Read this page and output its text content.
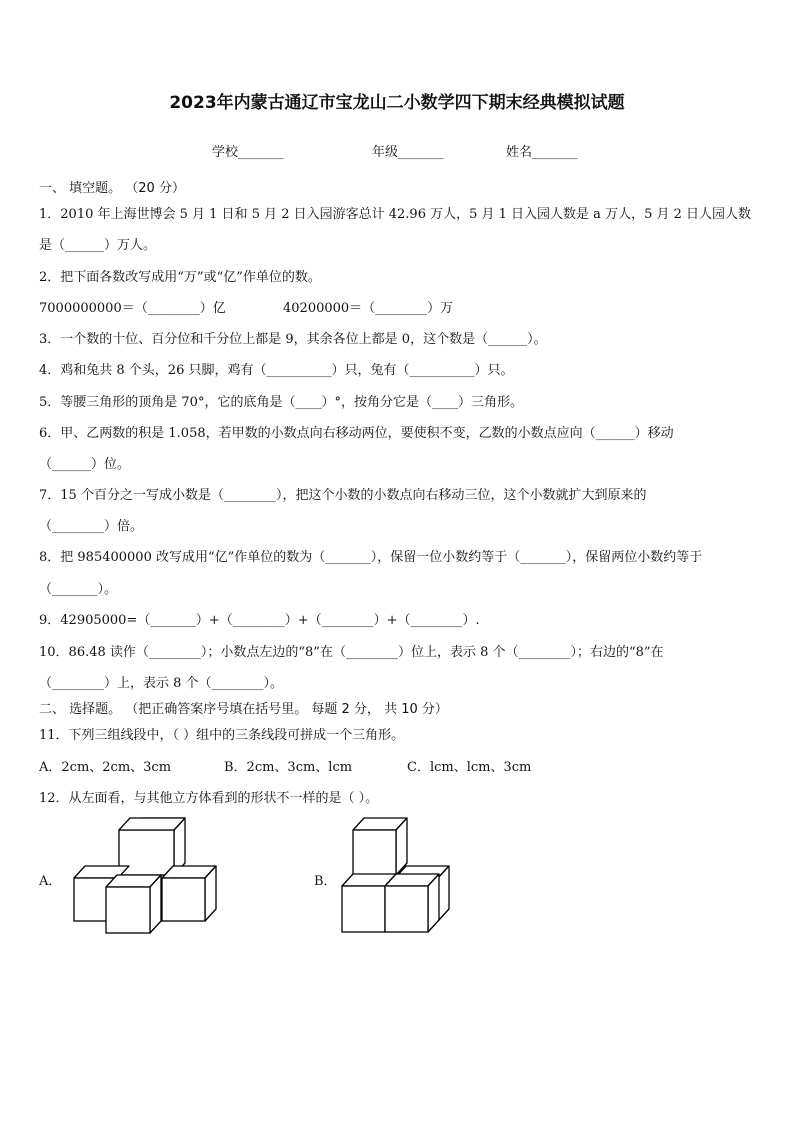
2023年内蒙古通辽市宝龙山二小数学四下期末经典模拟试题
学校_______	年级_______	姓名_______
一、 填空题。 （20 分）
1．2010 年上海世博会 5 月 1 日和 5 月 2 日入园游客总计 42.96 万人，5 月 1 日入园人数是 a 万人，5 月 2 日人园人数
是（______）万人。
2．把下面各数改写成用“万”或“亿”作单位的数。
7000000000＝（________）亿	40200000＝（________）万
3．一个数的十位、百分位和千分位上都是 9，其余各位上都是 0，这个数是（______）。
4．鸡和兔共 8 个头，26 只脚，鸡有（__________）只，兔有（__________）只。
5．等腰三角形的顶角是 70°，它的底角是（____）°，按角分它是（____）三角形。
6．甲、乙两数的积是 1.058，若甲数的小数点向右移动两位，要使积不变，乙数的小数点应向（______）移动
（______）位。
7．15 个百分之一写成小数是（________），把这个小数的小数点向右移动三位，这个小数就扩大到原来的
（________）倍。
8．把 985400000 改写成用“亿”作单位的数为（_______），保留一位小数约等于（_______），保留两位小数约等于
（_______）。
9．42905000=（_______）+（________）+（________）+（________）.
10．86.48 读作（________）；小数点左边的“8”在（________）位上，表示 8 个（________）；右边的“8”在
（________）上，表示 8 个（________）。
二、 选择题。 （把正确答案序号填在括号里。 每题 2 分， 共 10 分）
11．下列三组线段中，（ ）组中的三条线段可拼成一个三角形。
A．2cm、2cm、3cm	B．2cm、3cm、lcm	C．lcm、lcm、3cm
12．从左面看，与其他立方体看到的形状不一样的是（ ）。
A．	B．
